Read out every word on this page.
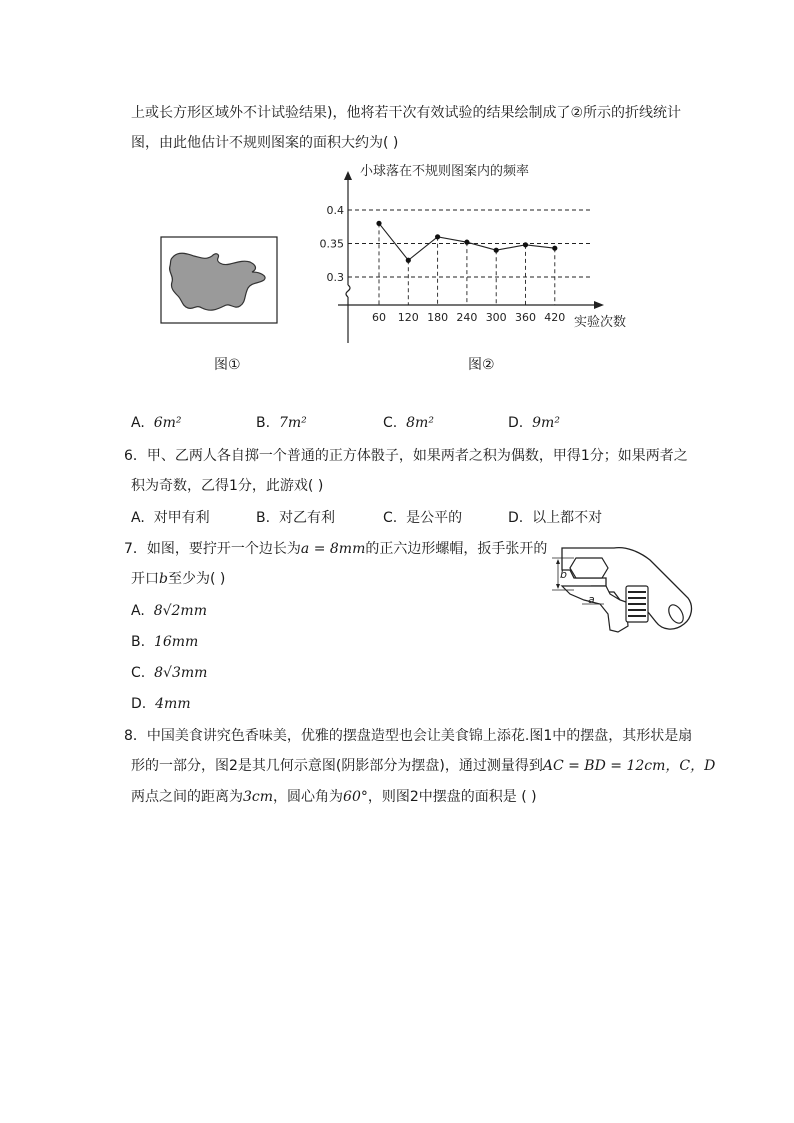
上或长方形区域外不计试验结果)，他将若干次有效试验的结果绘制成了②所示的折线统计
图，由此他估计不规则图案的面积大约为( )
图①
0.3
0.35
0.4
60 120 180 240 300 360 420
小球落在不规则图案内的频率
实验次数
图②
A. 6m²	B. 7m²	C. 8m²	D. 9m²
6．甲、乙两人各自掷一个普通的正方体骰子，如果两者之积为偶数，甲得1分；如果两者之
积为奇数，乙得1分，此游戏( )
A. 对甲有利	B. 对乙有利	C. 是公平的	D. 以上都不对
7．如图，要拧开一个边长为a = 8mm的正六边形螺帽，扳手张开的
开口b至少为( )	b
a
A. 8√2mm
B. 16mm
C. 8√3mm
D. 4mm
8．中国美食讲究色香味美，优雅的摆盘造型也会让美食锦上添花.图1中的摆盘，其形状是扇
形的一部分，图2是其几何示意图(阴影部分为摆盘)，通过测量得到AC = BD = 12cm，C，D
两点之间的距离为3cm，圆心角为60°，则图2中摆盘的面积是 ( )
